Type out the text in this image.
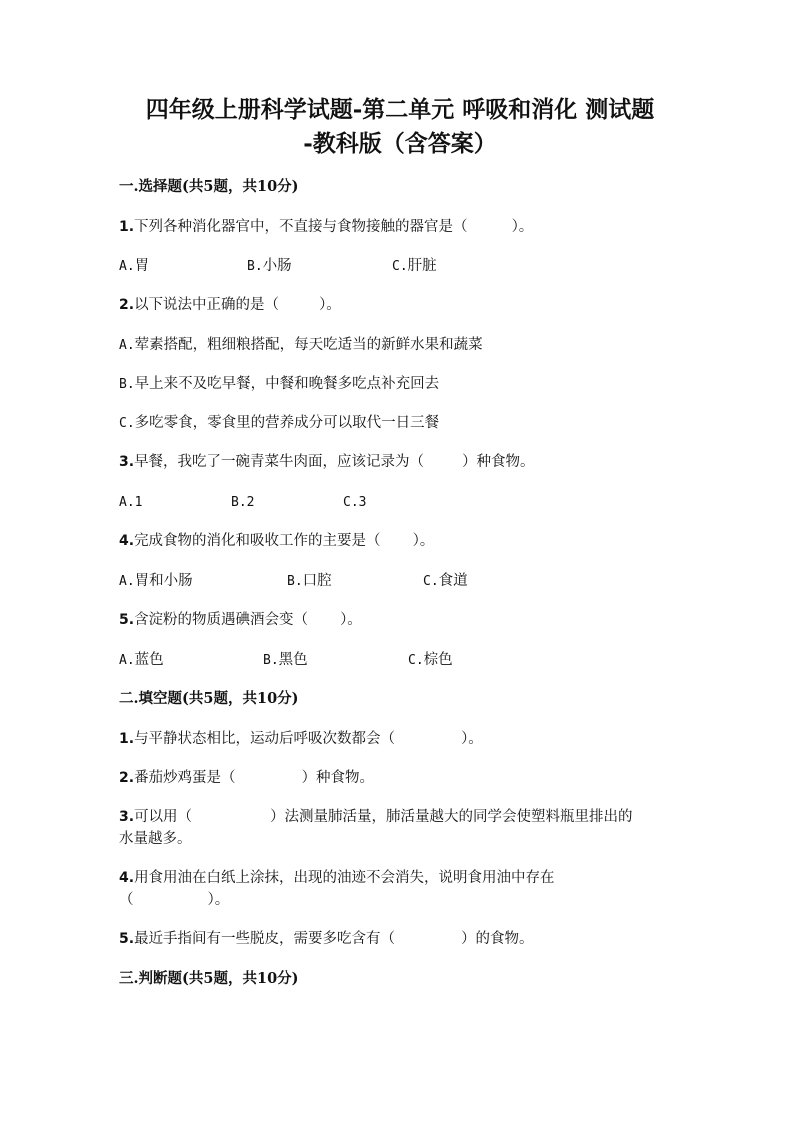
四年级上册科学试题-第二单元 呼吸和消化 测试题
-教科版（含答案）
一.选择题(共5题，共10分)
1.下列各种消化器官中，不直接与食物接触的器官是（	）。
A.胃	B.小肠	C.肝脏
2.以下说法中正确的是（	）。
A.荤素搭配，粗细粮搭配，每天吃适当的新鲜水果和蔬菜
B.早上来不及吃早餐，中餐和晚餐多吃点补充回去
C.多吃零食，零食里的营养成分可以取代一日三餐
3.早餐，我吃了一碗青菜牛肉面，应该记录为（	）种食物。
A.1	B.2	C.3
4.完成食物的消化和吸收工作的主要是（ ）。
A.胃和小肠	B.口腔	C.食道
5.含淀粉的物质遇碘酒会变（ ）。
A.蓝色	B.黑色	C.棕色
二.填空题(共5题，共10分)
1.与平静状态相比，运动后呼吸次数都会（	）。
2.番茄炒鸡蛋是（	）种食物。
3.可以用（	）法测量肺活量，肺活量越大的同学会使塑料瓶里排出的
水量越多。
4.用食用油在白纸上涂抹，出现的油迹不会消失，说明食用油中存在
（	）。
5.最近手指间有一些脱皮，需要多吃含有（	）的食物。
三.判断题(共5题，共10分)
